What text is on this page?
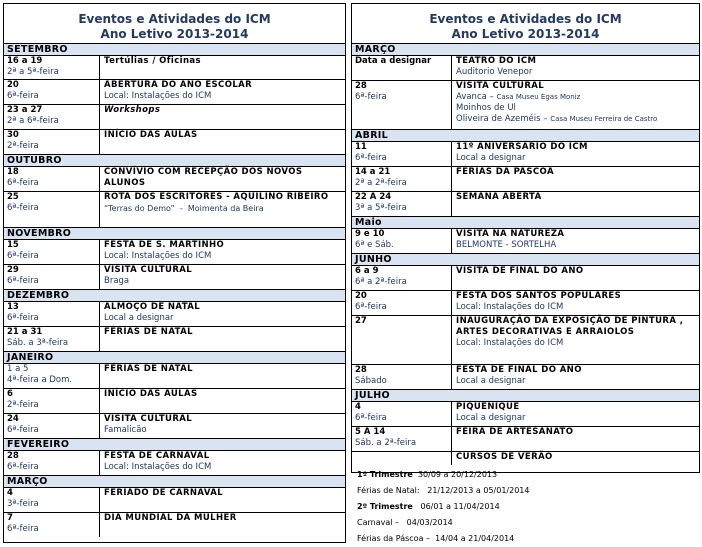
Eventos e Atividades do ICM
Ano Letivo 2013-2014
SETEMBRO
16 a 19
2ª a 5ª-feira
Tertúlias / Oficinas
20
6ª-feira
ABERTURA DO ANO ESCOLAR
Local: Instalações do ICM
23 a 27
2ª a 6ª-feira
Workshops
30
2ª-feira
INÍCIO DAS AULAS
OUTUBRO
18
6ª-feira
CONVÍVIO COM RECEPÇÃO DOS NOVOS ALUNOS
25
6ª-feira
ROTA DOS ESCRITORES - AQUILINO RIBEIRO
“Terras do Demo” - Moimenta da Beira
NOVEMBRO
15
6ª-feira
FESTA DE S. MARTINHO
Local: Instalações do ICM
29
6ª-feira
VISITA CULTURAL
Braga
DEZEMBRO
13
6ª-feira
ALMOÇO DE NATAL
Local a designar
21 a 31
Sáb. a 3ª-feira
FÉRIAS DE NATAL
JANEIRO
1 a 5
4ª-feira a Dom.
FÉRIAS DE NATAL
6
2ª-feira
INÍCIO DAS AULAS
24
6ª-feira
VISITA CULTURAL
Famalicão
FEVEREIRO
28
6ª-feira
FESTA DE CARNAVAL
Local: Instalações do ICM
MARÇO
4
3ª-feira
FERIADO DE CARNAVAL
7
6ª-feira
DIA MUNDIAL DA MULHER
Eventos e Atividades do ICM
Ano Letivo 2013-2014
MARÇO
Data a designar	TEATRO DO ICM
Auditorio Venepor
28
6ª-feira
VISITA CULTURAL
Avanca – Casa Museu Egas Moniz
Moinhos de Ul
Oliveira de Azeméis – Casa Museu Ferreira de Castro
ABRIL
11
6ª-feira
11º ANIVERSÁRIO DO ICM
Local a designar
14 a 21
2ª a 2ª-feira
FÉRIAS DA PÁSCOA
22 A 24
3ª a 5ª-feira
SEMANA ABERTA
Maio
9 e 10
6ª e Sáb.
VISITA NA NATUREZA
BELMONTE - SORTELHA
JUNHO
6 a 9
6ª a 2ª-feira
VISITA DE FINAL DO ANO
20
6ª-feira
FESTA DOS SANTOS POPULARES
Local: Instalações do ICM
27	INAUGURAÇÃO DA EXPOSIÇÃO DE PINTURA , ARTES DECORATIVAS E ARRAIOLOS
Local: Instalações do ICM
28
Sábado
FESTA DE FINAL DO ANO
Local a designar
JULHO
4
6ª-feira
PIQUENIQUE
Local a designar
5 A 14
Sáb. a 2ª-feira
FEIRA DE ARTESANATO
CURSOS DE VERÃO
1º Trimestre 30/09 a 20/12/2013
Férias de Natal: 21/12/2013 a 05/01/2014
2º Trimestre 06/01 a 11/04/2014
Carnaval – 04/03/2014
Férias da Páscoa – 14/04 a 21/04/2014
